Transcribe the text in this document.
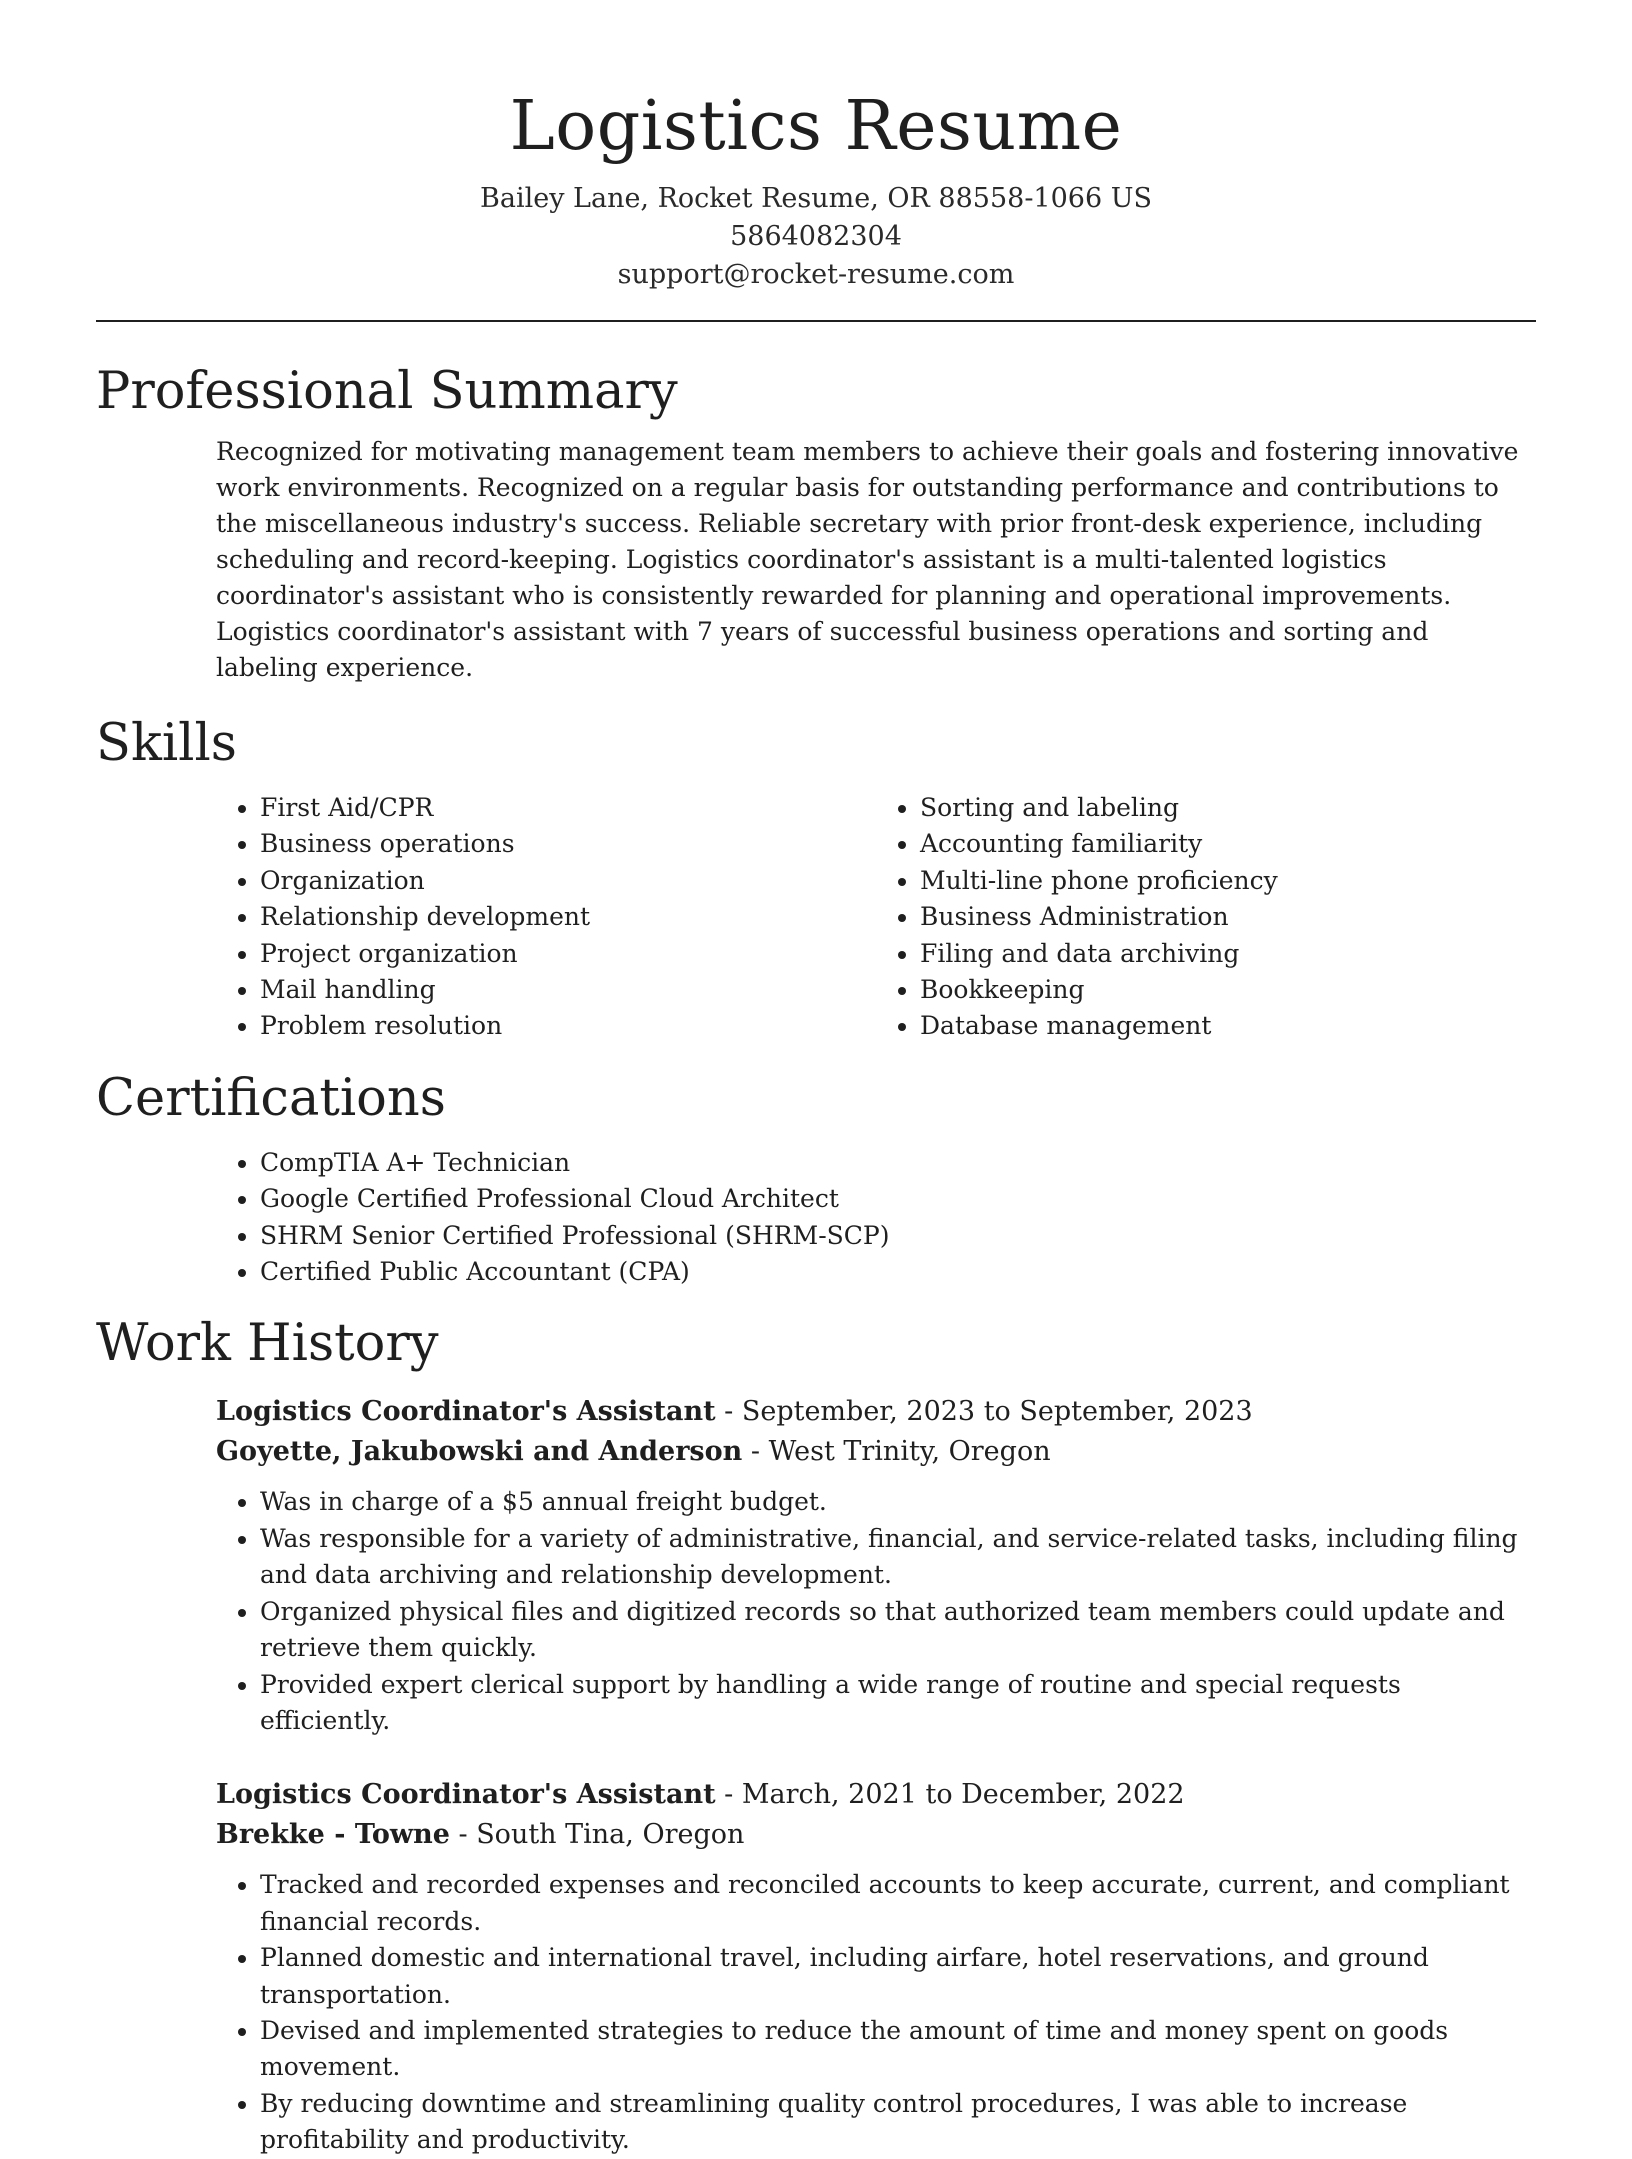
Logistics Resume
Bailey Lane, Rocket Resume, OR 88558-1066 US
5864082304
support@rocket-resume.com
Professional Summary

Recognized for motivating management team members to achieve their goals and fostering innovative work environments. Recognized on a regular basis for outstanding performance and contributions to the miscellaneous industry's success. Reliable secretary with prior front-desk experience, including scheduling and record-keeping. Logistics coordinator's assistant is a multi-talented logistics coordinator's assistant who is consistently rewarded for planning and operational improvements. Logistics coordinator's assistant with 7 years of successful business operations and sorting and labeling experience.

Skills
• First Aid/CPR
• Business operations
• Organization
• Relationship development
• Project organization
• Mail handling
• Problem resolution
• Sorting and labeling
• Accounting familiarity
• Multi-line phone proficiency
• Business Administration
• Filing and data archiving
• Bookkeeping
• Database management
Certifications
• CompTIA A+ Technician
• Google Certified Professional Cloud Architect
• SHRM Senior Certified Professional (SHRM-SCP)
• Certified Public Accountant (CPA)
Work History
Logistics Coordinator's Assistant - September, 2023 to September, 2023
Goyette, Jakubowski and Anderson - West Trinity, Oregon
• Was in charge of a $5 annual freight budget.
• Was responsible for a variety of administrative, financial, and service-related tasks, including filing and data archiving and relationship development.
• Organized physical files and digitized records so that authorized team members could update and retrieve them quickly.
• Provided expert clerical support by handling a wide range of routine and special requests efficiently.
Logistics Coordinator's Assistant - March, 2021 to December, 2022
Brekke - Towne - South Tina, Oregon
• Tracked and recorded expenses and reconciled accounts to keep accurate, current, and compliant financial records.
• Planned domestic and international travel, including airfare, hotel reservations, and ground transportation.
• Devised and implemented strategies to reduce the amount of time and money spent on goods movement.
• By reducing downtime and streamlining quality control procedures, I was able to increase profitability and productivity.
